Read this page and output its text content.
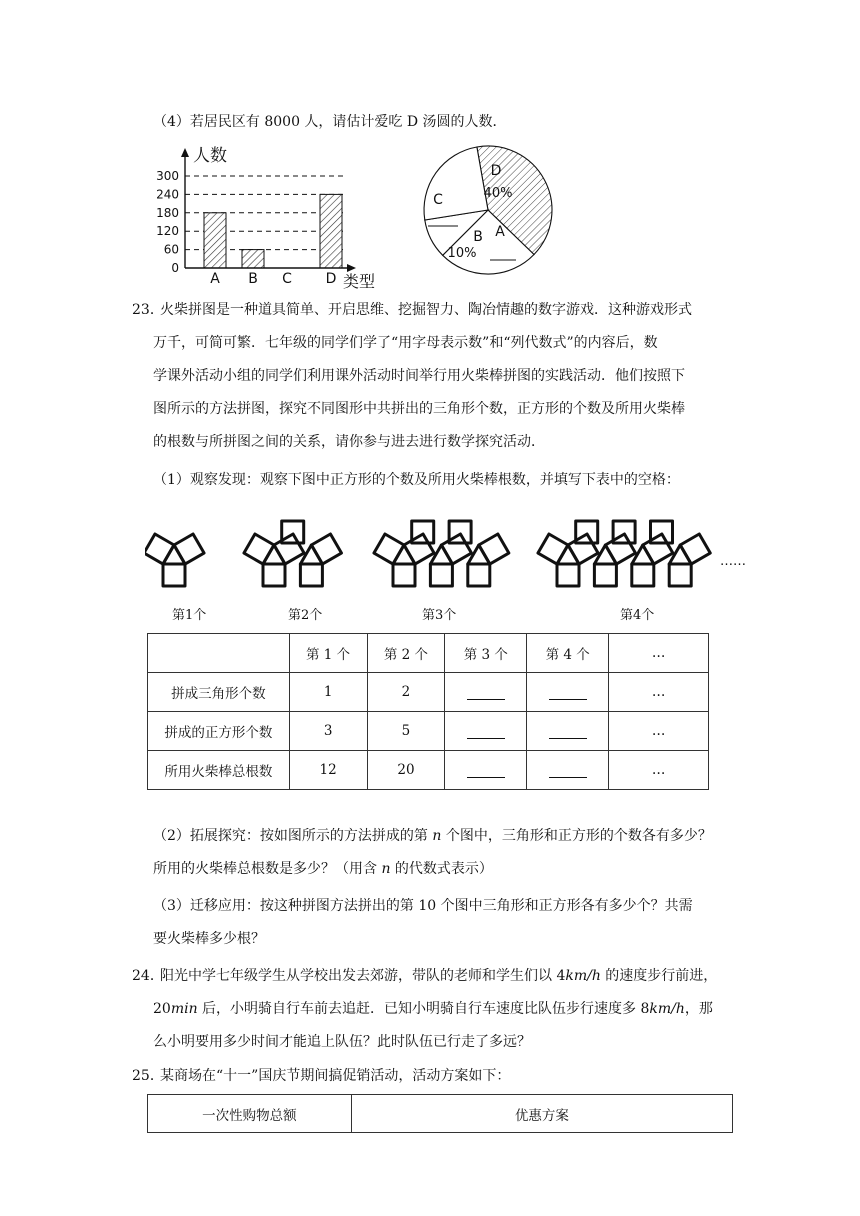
（4）若居民区有 8000 人，请估计爱吃 D 汤圆的人数．
0
60
120
180
240
300
A B C D
人数
类型
D
40%
A
B
10%
C
23．
火柴拼图是一种道具简单、开启思维、挖掘智力、陶冶情趣的数字游戏．这种游戏形式
万千，可简可繁．七年级的同学们学了“用字母表示数”和“列代数式”的内容后，数
学课外活动小组的同学们利用课外活动时间举行用火柴棒拼图的实践活动．他们按照下
图所示的方法拼图，探究不同图形中共拼出的三角形个数，正方形的个数及所用火柴棒
的根数与所拼图之间的关系，请你参与进去进行数学探究活动．
（1）观察发现：观察下图中正方形的个数及所用火柴棒根数，并填写下表中的空格：
……
第1个	第2个	第3个	第4个
	第 1 个	第 2 个	第 3 个	第 4 个	…
拼成三角形个数	1	2			…
拼成的正方形个数	3	5			…
所用火柴棒总根数	12	20			…
（2）拓展探究：按如图所示的方法拼成的第 n 个图中，三角形和正方形的个数各有多少？
所用的火柴棒总根数是多少？（用含 n 的代数式表示）
（3）迁移应用：按这种拼图方法拼出的第 10 个图中三角形和正方形各有多少个？共需
要火柴棒多少根？
24．
阳光中学七年级学生从学校出发去郊游，带队的老师和学生们以 4km/h 的速度步行前进，
20min 后，小明骑自行车前去追赶．已知小明骑自行车速度比队伍步行速度多 8km/h，那
么小明要用多少时间才能追上队伍？此时队伍已行走了多远？
25．
某商场在“十一”国庆节期间搞促销活动，活动方案如下：
一次性购物总额	优惠方案
